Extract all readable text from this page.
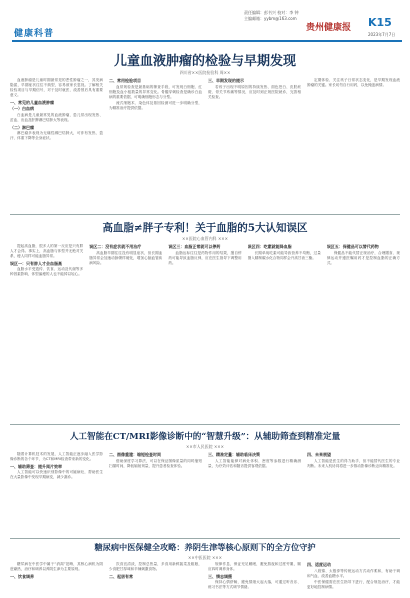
健康科普
责任编辑：彭书兴 校对：李 钟
主编邮箱：yybm@163.com
贵州健康报 K15
2023年7月7日
儿童血液肿瘤的检验与早期发现
四川省××医院检验科 周××

血液肿瘤是儿童时期最常见的恶性肿瘤之一，其发病隐匿，早期症状往往不典型，容易被家长忽视。了解相关检验项目与早期信号，对于及时就医、改善预后具有重要意义。

一、常见的儿童血液肿瘤

（一）白血病

白血病是儿童最常见的血液肿瘤，患儿常出现发热、贫血、出血及肝脾淋巴结肿大等表现。

（二）淋巴瘤

淋巴瘤多表现为无痛性淋巴结肿大，可伴有发热、盗汗、体重下降等全身症状。

二、常用检验项目

血常规检查是最基础的筛查手段，可发现白细胞、红细胞及血小板数量的异常变化。骨髓穿刺检查是确诊白血病的重要依据，可明确细胞形态与分型。

流式细胞术、染色体及基因检测可进一步明确分型，为精准治疗提供依据。

三、早期发现的提示

若孩子出现不明原因的持续发热、面色苍白、皮肤瘀斑、骨关节疼痛等情况，应及时到正规医院就诊，完善相关检查。

定期体检、关注孩子日常状态变化，是早期发现血液肿瘤的关键。家长切勿自行用药，以免掩盖病情。

高血脂≠胖子专利！关于血脂的5大认知误区
××医院心血管内科 ×××

提起高血脂，很多人的第一反应是只有胖人才会得。事实上，高血脂与体型并无绝对关系，瘦人同样可能血脂异常。

误区一：只有胖人才会血脂高

血脂水平受遗传、饮食、运动及代谢等多种因素影响，体型偏瘦的人也不能掉以轻心。

误区二：没有症状就不用治疗

高血脂早期往往没有明显症状，但长期血脂异常会加速动脉粥样硬化，增加心脑血管疾病风险。

误区三：血脂正常就可以停药

血脂达标往往是药物作用的结果，擅自停药可能导致血脂反弹，应在医生指导下调整用药。

误区四：吃素就能降血脂

长期单纯吃素可能导致营养不均衡，过量摄入精制碳水化合物同样会升高甘油三酯。

误区五：保健品可以替代药物

保健品不能代替正规治疗，合理膳食、规律运动并遵医嘱用药才是控制血脂的正确方式。

人工智能在CT/MRI影像诊断中的“智慧升级”：从辅助筛查到精准定量
××市人民医院 ×××

随着计算机技术的发展，人工智能正逐步融入医学影像诊断的各个环节，为CT和MRI检查带来新的变化。

一、辅助筛查：提升阅片效率

人工智能可以快速识别影像中的可疑病灶，帮助医生在大量影像中发现早期病变，减少漏诊。

二、图像重建：缩短检查时间

借助深度学习算法，可以在保证图像质量的同时缩短扫描时间，降低辐射剂量，提升患者检查体验。

三、精准定量：辅助临床决策

人工智能能够对病灶体积、密度等参数进行精确测量，为疗效评估和随访提供客观依据。

四、未来展望

人工智能是医生的得力助手，但不能替代医生的专业判断。未来人机协同将进一步推动影像诊断迈向精准化。

糖尿病中医保健全攻略：养阴生津等核心原则下的全方位守护
××中医医院 ×××

糖尿病在中医学中属于“消渴”范畴，其核心病机为阴虚燥热，治疗和调养以养阴生津为主要原则。

一、饮食调养

饮食宜清淡，控制总热量，多食用新鲜蔬菜及粗粮，少食肥甘厚味和辛辣刺激食物。

二、起居有常

规律作息，保证充足睡眠，避免熬夜和过度劳累，顺应四时调养身体。

三、情志调摄

保持心情舒畅，避免情绪大起大落，可通过听音乐、练习书法等方式调节情绪。

四、适度运动

八段锦、太极拳等传统运动方式动作柔和，有助于调和气血、改善血糖水平。

中医保健需在医生指导下进行，配合规范治疗，才能更好地控制病情。
